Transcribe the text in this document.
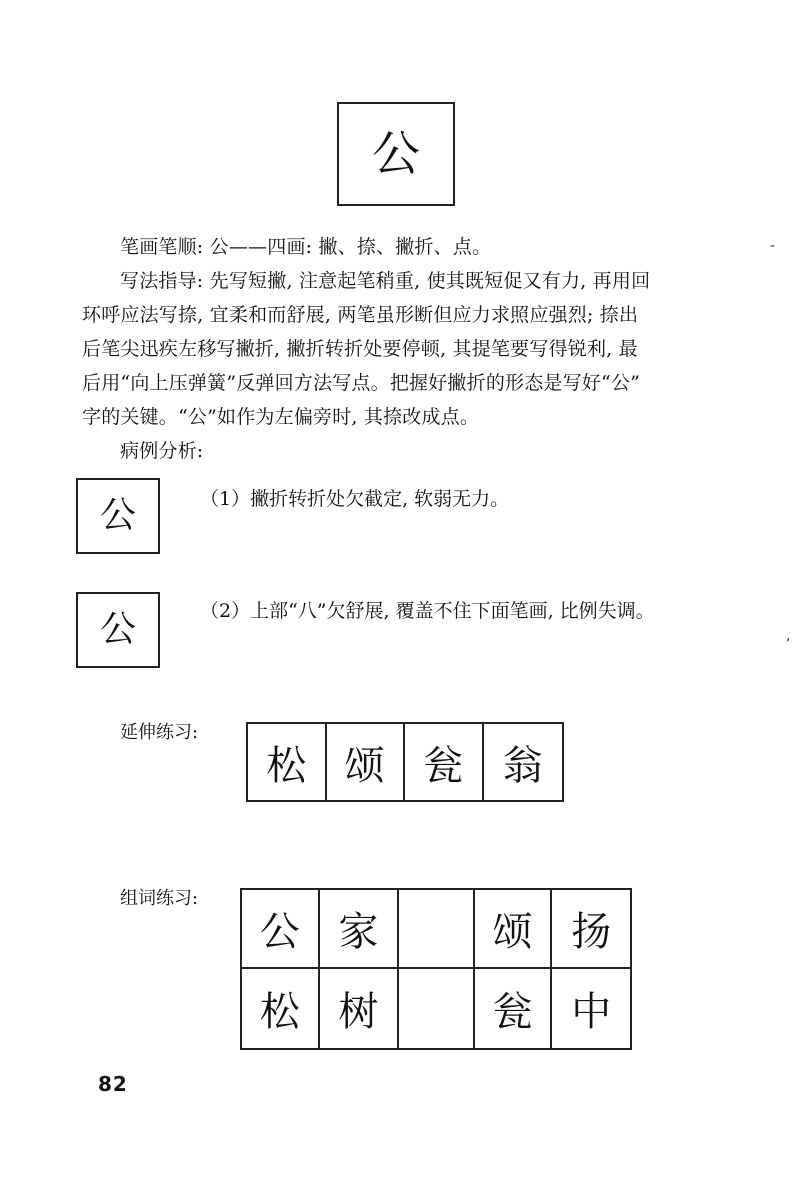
公
笔画笔顺: 公——四画: 撇、捺、撇折、点。
写法指导: 先写短撇, 注意起笔稍重, 使其既短促又有力, 再用回
环呼应法写捺, 宜柔和而舒展, 两笔虽形断但应力求照应强烈; 捺出
后笔尖迅疾左移写撇折, 撇折转折处要停顿, 其提笔要写得锐利, 最
后用“向上压弹簧”反弹回方法写点。把握好撇折的形态是写好“公”
字的关键。“公”如作为左偏旁时, 其捺改成点。
病例分析:
-
,
公	（1）撇折转折处欠截定, 软弱无力。
公	（2）上部“八”欠舒展, 覆盖不住下面笔画, 比例失调。
延伸练习:
松 颂 瓮 翁
组词练习:
公 家	颂 扬
松 树	瓮 中
82
